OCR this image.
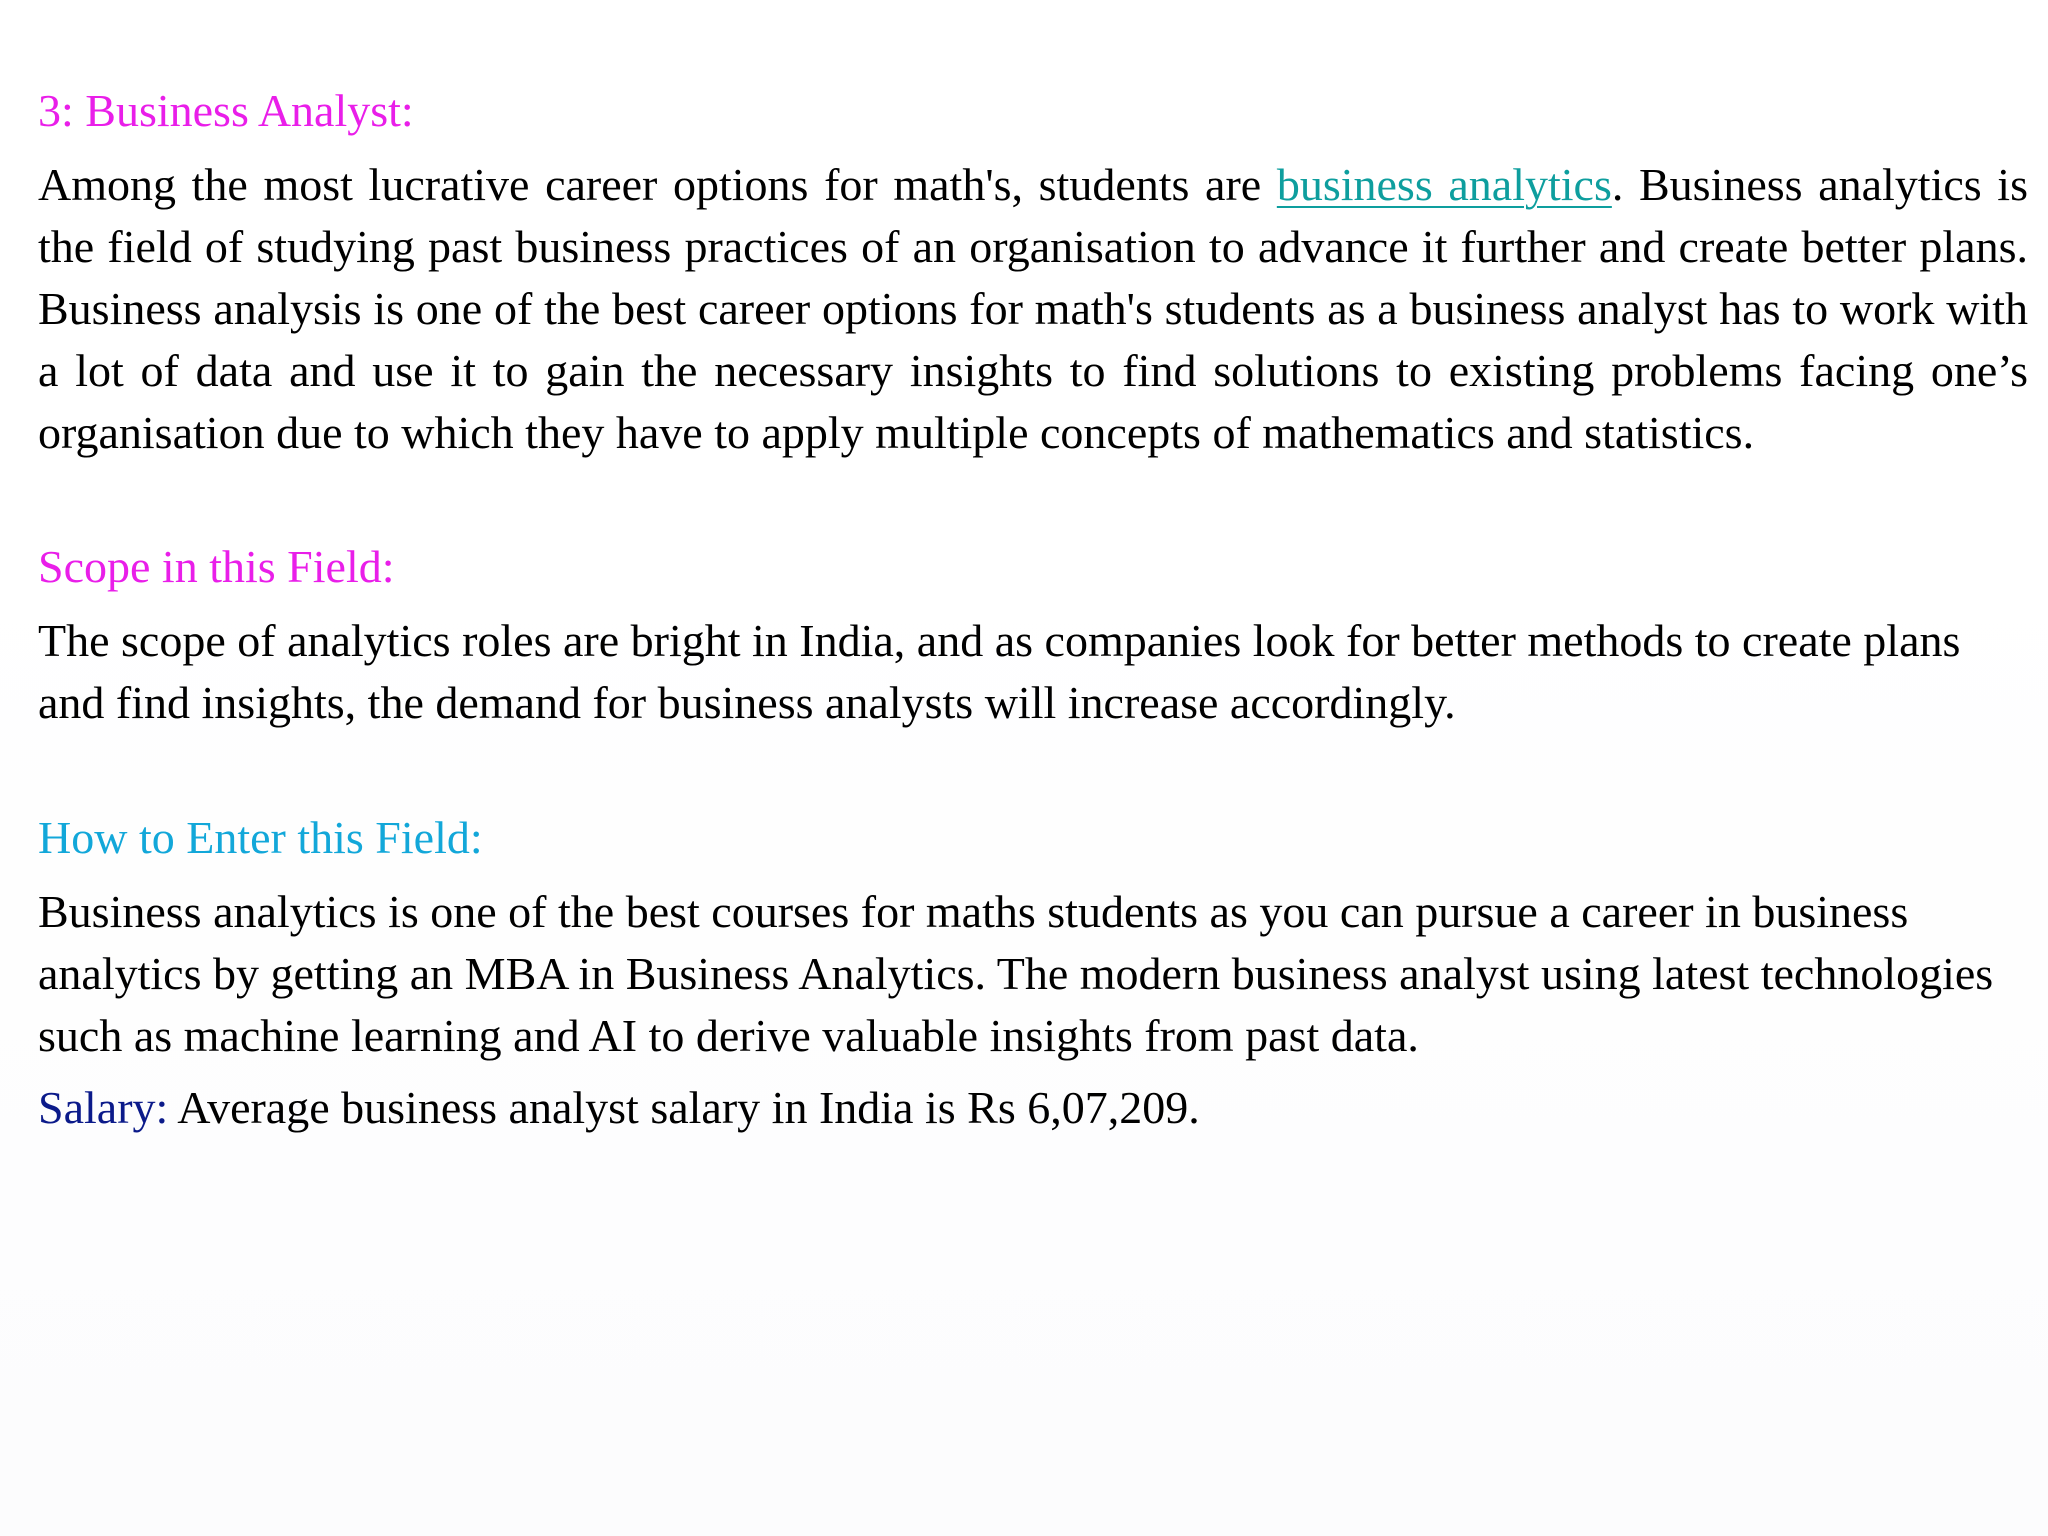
3: Business Analyst:

Among the most lucrative career options for math's, students are business analytics. Business analytics is the field of studying past business practices of an organisation to advance it further and create better plans. Business analysis is one of the best career options for math's students as a business analyst has to work with a lot of data and use it to gain the necessary insights to find solutions to existing problems facing one’s organisation due to which they have to apply multiple concepts of mathematics and statistics.

Scope in this Field:

The scope of analytics roles are bright in India, and as companies look for better methods to create plans and find insights, the demand for business analysts will increase accordingly.

How to Enter this Field:

Business analytics is one of the best courses for maths students as you can pursue a career in business analytics by getting an MBA in Business Analytics. The modern business analyst using latest technologies such as machine learning and AI to derive valuable insights from past data.

Salary: Average business analyst salary in India is Rs 6,07,209.
